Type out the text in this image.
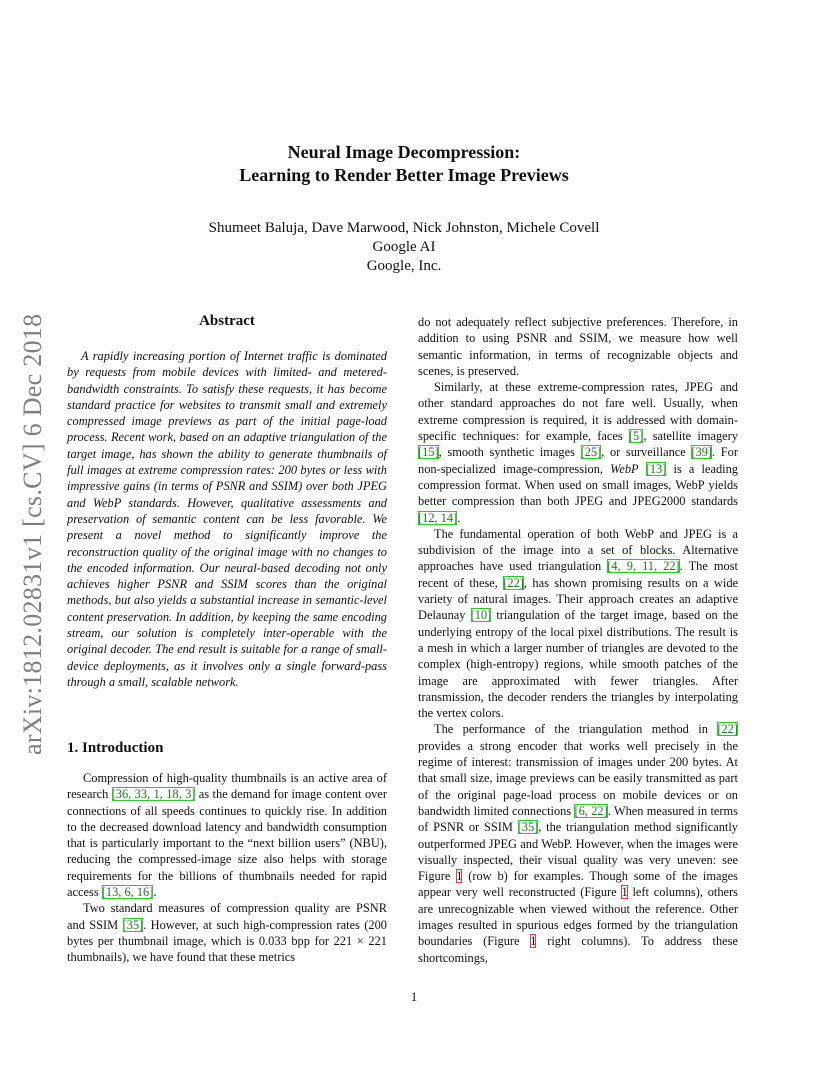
arXiv:1812.02831v1 [cs.CV] 6 Dec 2018
Neural Image Decompression:
Learning to Render Better Image Previews
Shumeet Baluja, Dave Marwood, Nick Johnston, Michele Covell
Google AI
Google, Inc.
Abstract
A rapidly increasing portion of Internet traffic is dominated by requests from mobile devices with limited- and metered-bandwidth constraints. To satisfy these requests, it has become standard practice for websites to transmit small and extremely compressed image previews as part of the initial page-load process. Recent work, based on an adaptive triangulation of the target image, has shown the ability to generate thumbnails of full images at extreme compression rates: 200 bytes or less with impressive gains (in terms of PSNR and SSIM) over both JPEG and WebP standards. However, qualitative assessments and preservation of semantic content can be less favorable. We present a novel method to significantly improve the reconstruction quality of the original image with no changes to the encoded information. Our neural-based decoding not only achieves higher PSNR and SSIM scores than the original methods, but also yields a substantial increase in semantic-level content preservation. In addition, by keeping the same encoding stream, our solution is completely inter-operable with the original decoder. The end result is suitable for a range of small-device deployments, as it involves only a single forward-pass through a small, scalable network.
1. Introduction

Compression of high-quality thumbnails is an active area of research [36, 33, 1, 18, 3] as the demand for image content over connections of all speeds continues to quickly rise. In addition to the decreased download latency and bandwidth consumption that is particularly important to the “next billion users” (NBU), reducing the compressed-image size also helps with storage requirements for the billions of thumbnails needed for rapid access [13, 6, 16].

Two standard measures of compression quality are PSNR and SSIM [35]. However, at such high-compression rates (200 bytes per thumbnail image, which is 0.033 bpp for 221 × 221 thumbnails), we have found that these metrics

do not adequately reflect subjective preferences. Therefore, in addition to using PSNR and SSIM, we measure how well semantic information, in terms of recognizable objects and scenes, is preserved.

Similarly, at these extreme-compression rates, JPEG and other standard approaches do not fare well. Usually, when extreme compression is required, it is addressed with domain-specific techniques: for example, faces [5], satellite imagery [15], smooth synthetic images [25], or surveillance [39]. For non-specialized image-compression, WebP [13] is a leading compression format. When used on small images, WebP yields better compression than both JPEG and JPEG2000 standards [12, 14].

The fundamental operation of both WebP and JPEG is a subdivision of the image into a set of blocks. Alternative approaches have used triangulation [4, 9, 11, 22]. The most recent of these, [22], has shown promising results on a wide variety of natural images. Their approach creates an adaptive Delaunay [10] triangulation of the target image, based on the underlying entropy of the local pixel distributions. The result is a mesh in which a larger number of triangles are devoted to the complex (high-entropy) regions, while smooth patches of the image are approximated with fewer triangles. After transmission, the decoder renders the triangles by interpolating the vertex colors.

The performance of the triangulation method in [22] provides a strong encoder that works well precisely in the regime of interest: transmission of images under 200 bytes. At that small size, image previews can be easily transmitted as part of the original page-load process on mobile devices or on bandwidth limited connections [6, 22]. When measured in terms of PSNR or SSIM [35], the triangulation method significantly outperformed JPEG and WebP. However, when the images were visually inspected, their visual quality was very uneven: see Figure 1 (row b) for examples. Though some of the images appear very well reconstructed (Figure 1 left columns), others are unrecognizable when viewed without the reference. Other images resulted in spurious edges formed by the triangulation boundaries (Figure 1 right columns). To address these shortcomings,

1
